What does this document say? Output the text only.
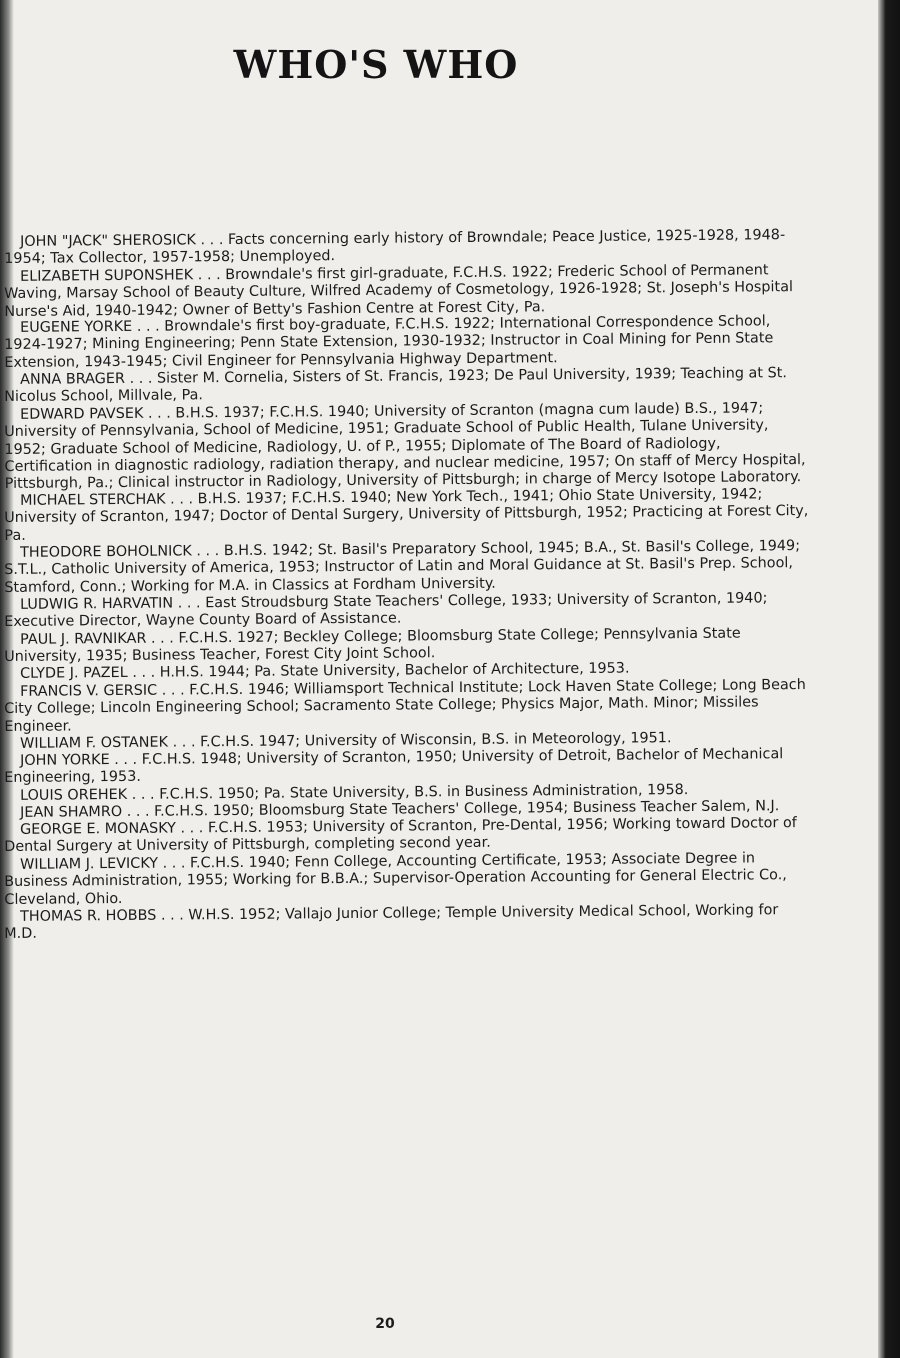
WHO'S WHO

JOHN "JACK" SHEROSICK . . . Facts concerning early history of Browndale; Peace Justice, 1925-1928, 1948-1954; Tax Collector, 1957-1958; Unemployed.

ELIZABETH SUPONSHEK . . . Browndale's first girl-graduate, F.C.H.S. 1922; Frederic School of Permanent Waving, Marsay School of Beauty Culture, Wilfred Academy of Cosmetology, 1926-1928; St. Joseph's Hospital Nurse's Aid, 1940-1942; Owner of Betty's Fashion Centre at Forest City, Pa.

EUGENE YORKE . . . Browndale's first boy-graduate, F.C.H.S. 1922; International Correspondence School, 1924-1927; Mining Engineering; Penn State Extension, 1930-1932; Instructor in Coal Mining for Penn State Extension, 1943-1945; Civil Engineer for Pennsylvania Highway Department.

ANNA BRAGER . . . Sister M. Cornelia, Sisters of St. Francis, 1923; De Paul University, 1939; Teaching at St. Nicolus School, Millvale, Pa.

EDWARD PAVSEK . . . B.H.S. 1937; F.C.H.S. 1940; University of Scranton (magna cum laude) B.S., 1947; University of Pennsylvania, School of Medicine, 1951; Graduate School of Public Health, Tulane University, 1952; Graduate School of Medicine, Radiology, U. of P., 1955; Diplomate of The Board of Radiology, Certification in diagnostic radiology, radiation therapy, and nuclear medicine, 1957; On staff of Mercy Hospital, Pittsburgh, Pa.; Clinical instructor in Radiology, University of Pittsburgh; in charge of Mercy Isotope Laboratory.

MICHAEL STERCHAK . . . B.H.S. 1937; F.C.H.S. 1940; New York Tech., 1941; Ohio State University, 1942; University of Scranton, 1947; Doctor of Dental Surgery, University of Pittsburgh, 1952; Practicing at Forest City, Pa.

THEODORE BOHOLNICK . . . B.H.S. 1942; St. Basil's Preparatory School, 1945; B.A., St. Basil's College, 1949; S.T.L., Catholic University of America, 1953; Instructor of Latin and Moral Guidance at St. Basil's Prep. School, Stamford, Conn.; Working for M.A. in Classics at Fordham University.

LUDWIG R. HARVATIN . . . East Stroudsburg State Teachers' College, 1933; University of Scranton, 1940; Executive Director, Wayne County Board of Assistance.

PAUL J. RAVNIKAR . . . F.C.H.S. 1927; Beckley College; Bloomsburg State College; Pennsylvania State University, 1935; Business Teacher, Forest City Joint School.

CLYDE J. PAZEL . . . H.H.S. 1944; Pa. State University, Bachelor of Architecture, 1953.

FRANCIS V. GERSIC . . . F.C.H.S. 1946; Williamsport Technical Institute; Lock Haven State College; Long Beach City College; Lincoln Engineering School; Sacramento State College; Physics Major, Math. Minor; Missiles Engineer.

WILLIAM F. OSTANEK . . . F.C.H.S. 1947; University of Wisconsin, B.S. in Meteorology, 1951.

JOHN YORKE . . . F.C.H.S. 1948; University of Scranton, 1950; University of Detroit, Bachelor of Mechanical Engineering, 1953.

LOUIS OREHEK . . . F.C.H.S. 1950; Pa. State University, B.S. in Business Administration, 1958.

JEAN SHAMRO . . . F.C.H.S. 1950; Bloomsburg State Teachers' College, 1954; Business Teacher Salem, N.J.

GEORGE E. MONASKY . . . F.C.H.S. 1953; University of Scranton, Pre-Dental, 1956; Working toward Doctor of Dental Surgery at University of Pittsburgh, completing second year.

WILLIAM J. LEVICKY . . . F.C.H.S. 1940; Fenn College, Accounting Certificate, 1953; Associate Degree in Business Administration, 1955; Working for B.B.A.; Supervisor-Operation Accounting for General Electric Co., Cleveland, Ohio.

THOMAS R. HOBBS . . . W.H.S. 1952; Vallajo Junior College; Temple University Medical School, Working for M.D.

20
